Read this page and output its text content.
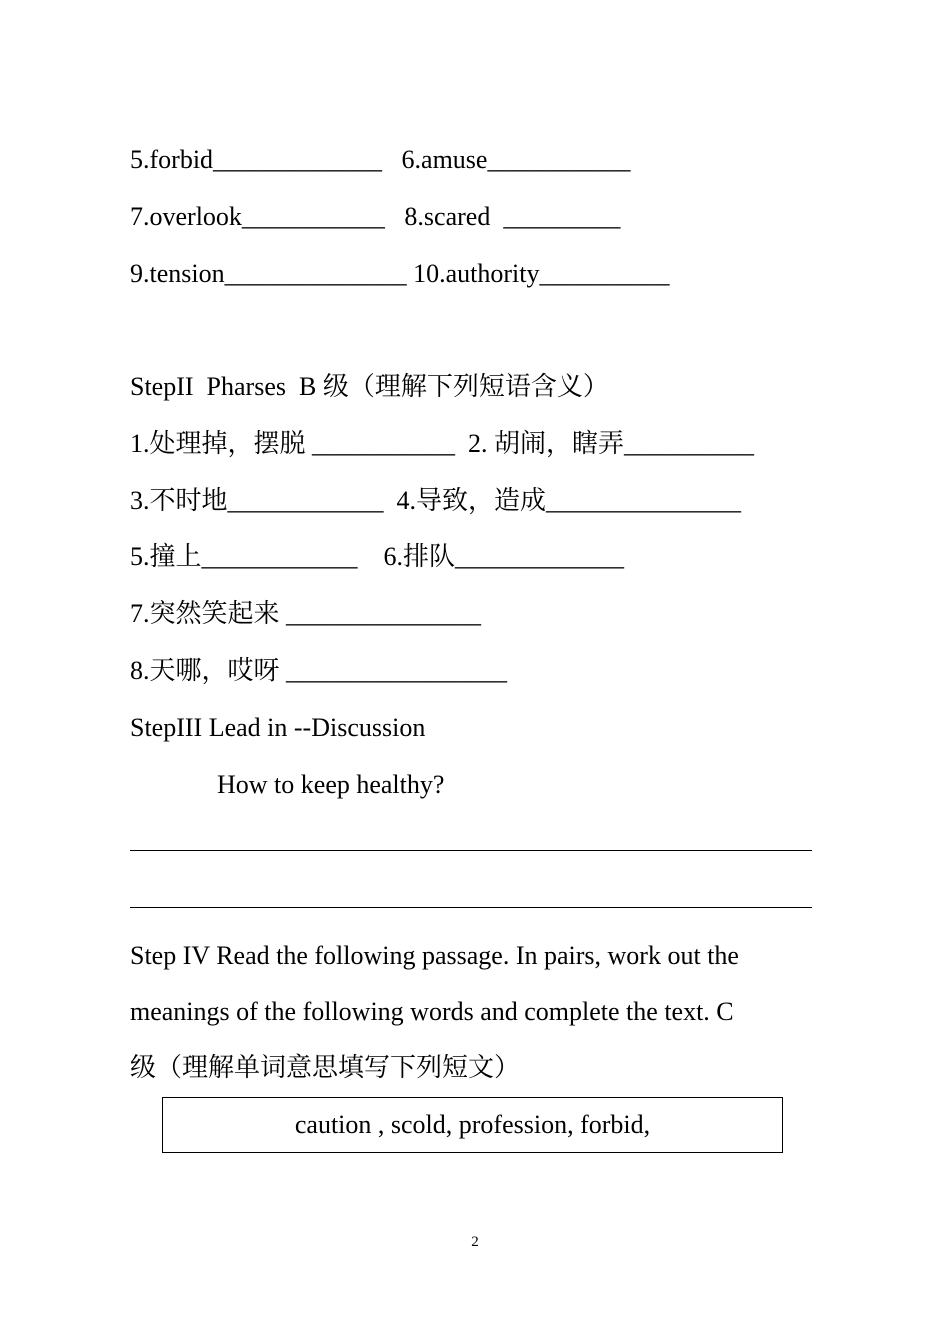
5.forbid_____________   6.amuse___________
7.overlook___________   8.scared  _________
9.tension______________ 10.authority__________
StepII  Pharses  B 级（理解下列短语含义）
1.处理掉，摆脱 ___________  2. 胡闹，瞎弄__________
3.不时地____________  4.导致，造成_______________
5.撞上____________    6.排队_____________
7.突然笑起来 _______________
8.天哪，哎呀 _________________
StepIII Lead in --Discussion
How to keep healthy?
Step IV Read the following passage. In pairs, work out the
meanings of the following words and complete the text. C
级（理解单词意思填写下列短文）
caution , scold, profession, forbid,
2
